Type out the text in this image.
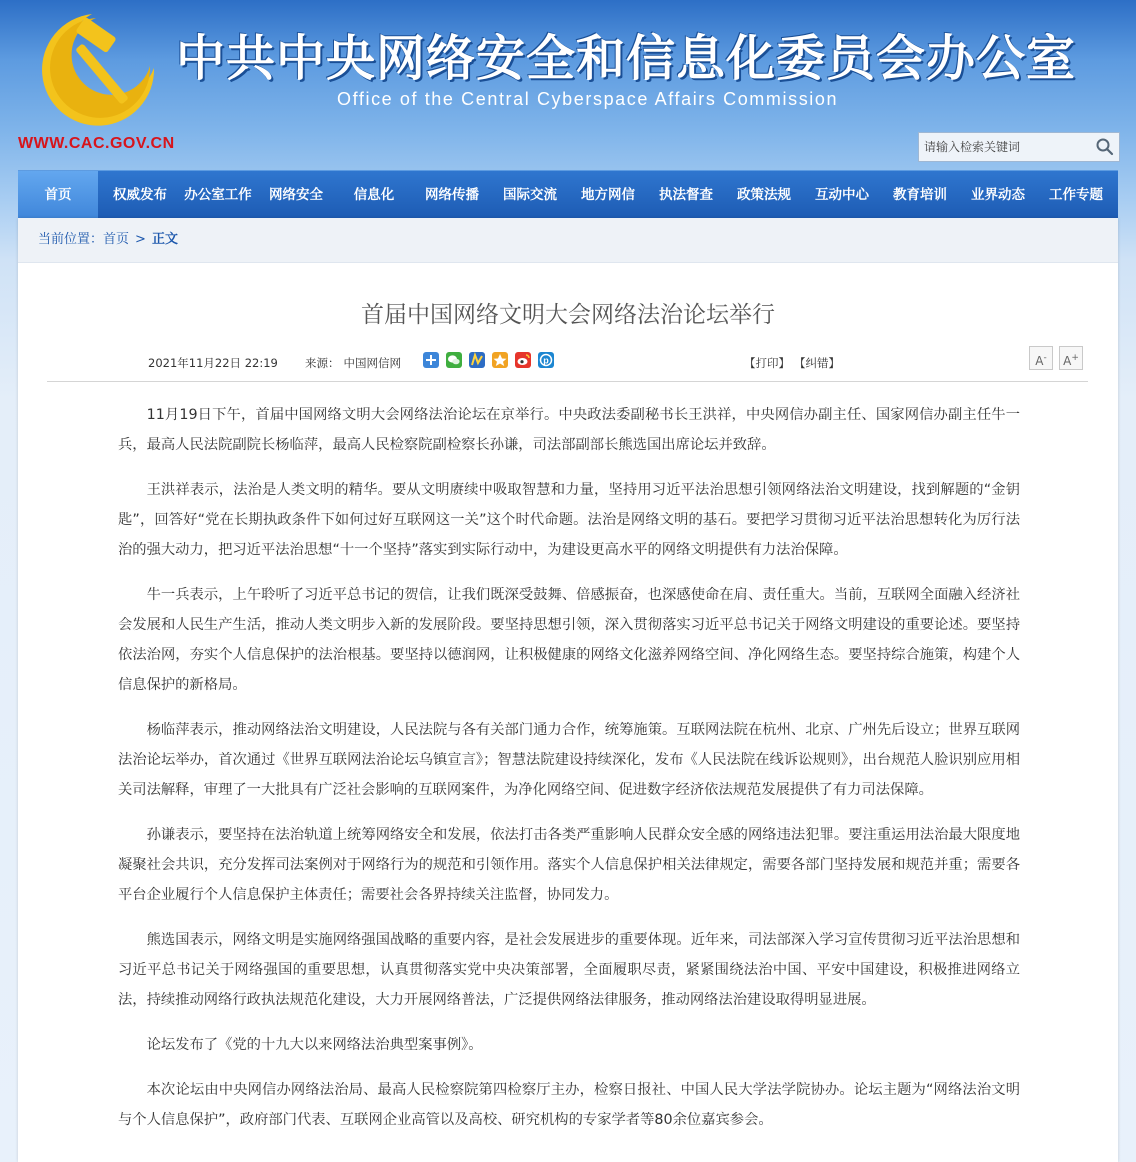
中共中央网络安全和信息化委员会办公室
Office of the Central Cyberspace Affairs Commission
WWW.CAC.GOV.CN
请输入检索关键词
首页	权威发布	办公室工作	网络安全	信息化	网络传播	国际交流	地方网信	执法督查	政策法规	互动中心	教育培训	业界动态	工作专题
当前位置：首页 > 正文
首届中国网络文明大会网络法治论坛举行
2021年11月22日 22:19 来源： 中国网信网	p	【打印】 【纠错】	A-	A+

11月19日下午，首届中国网络文明大会网络法治论坛在京举行。中央政法委副秘书长王洪祥，中央网信办副主任、国家网信办副主任牛一兵，最高人民法院副院长杨临萍，最高人民检察院副检察长孙谦，司法部副部长熊选国出席论坛并致辞。

王洪祥表示，法治是人类文明的精华。要从文明赓续中吸取智慧和力量，坚持用习近平法治思想引领网络法治文明建设，找到解题的“金钥匙”，回答好“党在长期执政条件下如何过好互联网这一关”这个时代命题。法治是网络文明的基石。要把学习贯彻习近平法治思想转化为厉行法治的强大动力，把习近平法治思想“十一个坚持”落实到实际行动中，为建设更高水平的网络文明提供有力法治保障。

牛一兵表示，上午聆听了习近平总书记的贺信，让我们既深受鼓舞、倍感振奋，也深感使命在肩、责任重大。当前，互联网全面融入经济社会发展和人民生产生活，推动人类文明步入新的发展阶段。要坚持思想引领，深入贯彻落实习近平总书记关于网络文明建设的重要论述。要坚持依法治网，夯实个人信息保护的法治根基。要坚持以德润网，让积极健康的网络文化滋养网络空间、净化网络生态。要坚持综合施策，构建个人信息保护的新格局。

杨临萍表示，推动网络法治文明建设，人民法院与各有关部门通力合作，统筹施策。互联网法院在杭州、北京、广州先后设立；世界互联网法治论坛举办，首次通过《世界互联网法治论坛乌镇宣言》；智慧法院建设持续深化，发布《人民法院在线诉讼规则》，出台规范人脸识别应用相关司法解释，审理了一大批具有广泛社会影响的互联网案件，为净化网络空间、促进数字经济依法规范发展提供了有力司法保障。

孙谦表示，要坚持在法治轨道上统筹网络安全和发展，依法打击各类严重影响人民群众安全感的网络违法犯罪。要注重运用法治最大限度地凝聚社会共识，充分发挥司法案例对于网络行为的规范和引领作用。落实个人信息保护相关法律规定，需要各部门坚持发展和规范并重；需要各平台企业履行个人信息保护主体责任；需要社会各界持续关注监督，协同发力。

熊选国表示，网络文明是实施网络强国战略的重要内容，是社会发展进步的重要体现。近年来，司法部深入学习宣传贯彻习近平法治思想和习近平总书记关于网络强国的重要思想，认真贯彻落实党中央决策部署，全面履职尽责，紧紧围绕法治中国、平安中国建设，积极推进网络立法，持续推动网络行政执法规范化建设，大力开展网络普法，广泛提供网络法律服务，推动网络法治建设取得明显进展。

论坛发布了《党的十九大以来网络法治典型案事例》。

本次论坛由中央网信办网络法治局、最高人民检察院第四检察厅主办，检察日报社、中国人民大学法学院协办。论坛主题为“网络法治文明与个人信息保护”，政府部门代表、互联网企业高管以及高校、研究机构的专家学者等80余位嘉宾参会。
